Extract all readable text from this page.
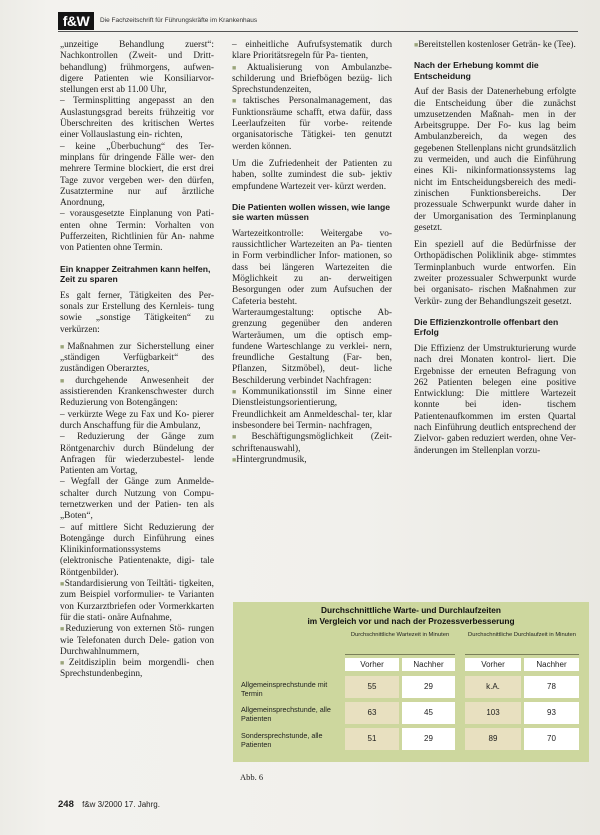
f&W	Die Fachzeitschrift für Führungskräfte im Krankenhaus

„unzeitige Behandlung zuerst“: Nachkontrollen (Zweit- und Dritt- behandlung) frühmorgens, aufwen- digere Patienten wie Konsiliarvor- stellungen erst ab 11.00 Uhr,

– Terminsplitting angepasst an den Auslastungsgrad bereits frühzeitig vor Überschreiten des kritischen Wertes einer Vollauslastung ein- richten,

– keine „Überbuchung“ des Ter- minplans für dringende Fälle wer- den mehrere Termine blockiert, die erst drei Tage zuvor vergeben wer- den dürfen, Zusatztermine nur auf ärztliche Anordnung,

– vorausgesetzte Einplanung von Pati- enten ohne Termin: Vorhalten von Pufferzeiten, Richtlinien für An- nahme von Patienten ohne Termin.

Ein knapper Zeitrahmen kann helfen, Zeit zu sparen

Es galt ferner, Tätigkeiten des Per- sonals zur Erstellung des Kernleis- tung sowie „sonstige Tätigkeiten“ zu verkürzen:

■ Maßnahmen zur Sicherstellung einer „ständigen Verfügbarkeit“ des zuständigen Oberarztes,

■ durchgehende Anwesenheit der assistierenden Krankenschwester durch Reduzierung von Botengängen:

– verkürzte Wege zu Fax und Ko- pierer durch Anschaffung für die Ambulanz,

– Reduzierung der Gänge zum Röntgenarchiv durch Bündelung der Anfragen für wiederzubestel- lende Patienten am Vortag,

– Wegfall der Gänge zum Anmelde- schalter durch Nutzung von Compu- ternetzwerken und der Patien- ten als „Boten“,

– auf mittlere Sicht Reduzierung der Botengänge durch Einführung eines Klinikinformationssystems (elektronische Patientenakte, digi- tale Röntgenbilder).

■ Standardisierung von Teiltäti- tigkeiten, zum Beispiel vorformulier- te Varianten von Kurzarztbriefen oder Vormerkkarten für die stati- onäre Aufnahme,

■ Reduzierung von externen Stö- rungen wie Telefonaten durch Dele- gation von Durchwahlnummern,

■ Zeitdisziplin beim morgendli- chen Sprechstundenbeginn,

– einheitliche Aufrufsystematik durch klare Prioritätsregeln für Pa- tienten,

■ Aktualisierung von Ambulanzbe- schilderung und Briefbögen bezüg- lich Sprechstundenzeiten,

■ taktisches Personalmanagement, das Funktionsräume schafft, etwa dafür, dass Leerlaufzeiten für vorbe- reitende organisatorische Tätigkei- ten genutzt werden können.

Um die Zufriedenheit der Patienten zu haben, sollte zumindest die sub- jektiv empfundene Wartezeit ver- kürzt werden.

Die Patienten wollen wissen, wie lange sie warten müssen

Wartezeitkontrolle: Weitergabe vo- raussichtlicher Wartezeiten an Pa- tienten in Form verbindlicher Infor- mationen, so dass bei längeren Wartezeiten die Möglichkeit zu an- derweitigen Besorgungen oder zum Aufsuchen der Cafeteria besteht.

Warteraumgestaltung: optische Ab- grenzung gegenüber den anderen Warteräumen, um die optisch emp- fundene Warteschlange zu verklei- nern, freundliche Gestaltung (Far- ben, Pflanzen, Sitzmöbel), deut- liche Beschilderung verbindet Nachfragen:

■ Kommunikationsstil im Sinne einer Dienstleistungsorientierung, Freundlichkeit am Anmeldeschal- ter, klar insbesondere bei Termin- nachfragen,

■ Beschäftigungsmöglichkeit (Zeit- schriftenauswahl),

■ Hintergrundmusik,

■ Bereitstellen kostenloser Geträn- ke (Tee).

Nach der Erhebung kommt die Entscheidung

Auf der Basis der Datenerhebung erfolgte die Entscheidung über die zunächst umzusetzenden Maßnah- men in der Arbeitsgruppe. Der Fo- kus lag beim Ambulanzbereich, da wegen des gegebenen Stellenplans nicht grundsätzlich zu vermeiden, und auch die Einführung eines Kli- nikinformationssystems lag nicht im Entscheidungsbereich des medi- zinischen Funktionsbereichs. Der prozessuale Schwerpunkt wurde daher in der Umorganisation des Terminplanung gesetzt.

Ein speziell auf die Bedürfnisse der Orthopädischen Poliklinik abge- stimmtes Terminplanbuch wurde entworfen. Ein zweiter prozessualer Schwerpunkt wurde bei organisato- rischen Maßnahmen zur Verkür- zung der Behandlungszeit gesetzt.

Die Effizienzkontrolle offenbart den Erfolg

Die Effizienz der Umstrukturierung wurde nach drei Monaten kontrol- liert. Die Ergebnisse der erneuten Befragung von 262 Patienten belegen eine positive Entwicklung: Die mittlere Wartezeit konnte bei iden- tischem Patientenaufkommen im ersten Quartal nach Einführung deutlich entsprechend der Zielvor- gaben reduziert werden, ohne Ver- änderungen im Stellenplan vorzu-

Durchschnittliche Warte- und Durchlaufzeiten
im Vergleich vor und nach der Prozessverbesserung
Durchschnittliche Wartezeit in Minuten	Durchschnittliche Durchlaufzeit in Minuten
Vorher	Nachher	Vorher	Nachher
Allgemeinsprechstunde mit Termin
55	29	k.A.	78
Allgemeinsprechstunde, alle Patienten
63	45	103	93
Sondersprechstunde, alle Patienten
51	29	89	70
Abb. 6
248 f&w 3/2000 17. Jahrg.
